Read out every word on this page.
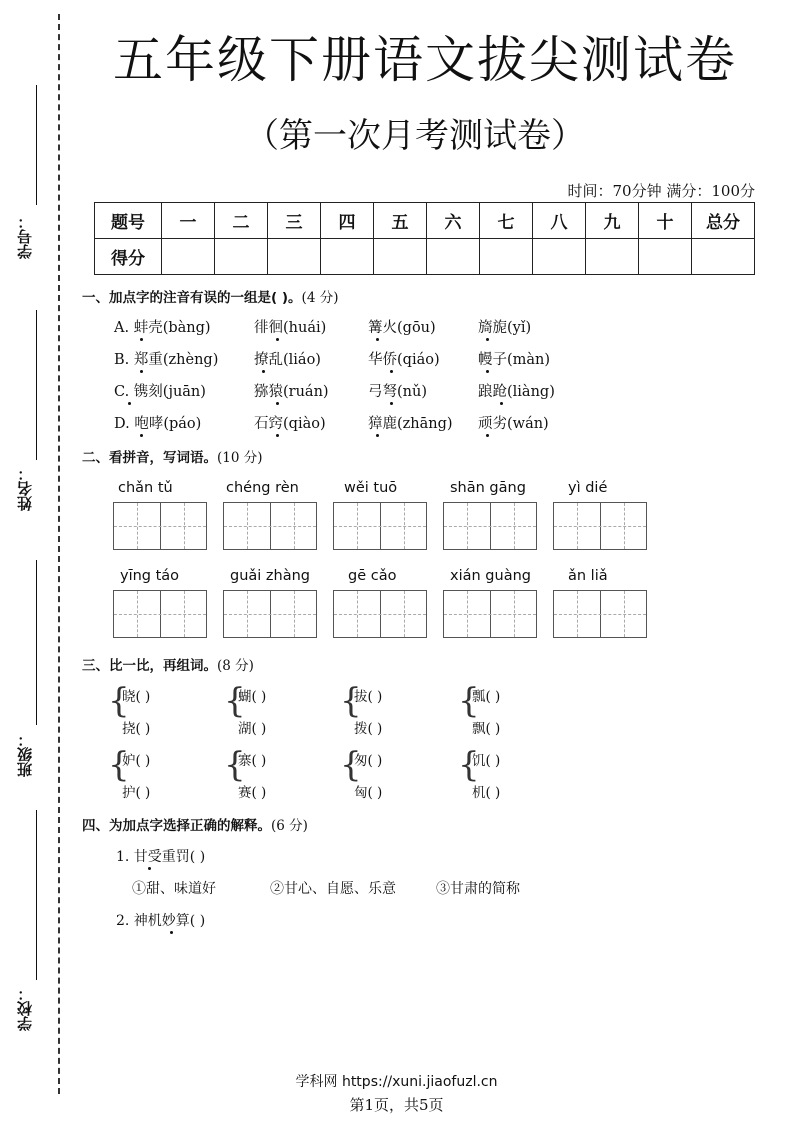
学号：
姓名：
班级：
学校：
五年级下册语文拔尖测试卷
（第一次月考测试卷）
时间：70分钟 满分：100分
题号	一	二	三	四	五	六	七	八	九	十	总分
得分											
一、加点字的注音有误的一组是( )。(4 分)
A. 蚌壳(bàng)	徘徊(huái)	篝火(gōu)	旖旎(yǐ)
B. 郑重(zhèng) 撩乱(liáo)	华侨(qiáo)	幔子(màn)
C. 镌刻(juān)	猕猿(ruán)	弓弩(nǔ)	踉跄(liàng)
D. 咆哮(páo)	石窍(qiào)	獐鹿(zhāng) 顽劣(wán)
二、看拼音，写词语。(10 分)
chǎn tǔ	chéng rèn	wěi tuō	shān gāng	yì dié
yīng táo	guǎi zhàng	gē cǎo	xián guàng	ǎn liǎ
三、比一比，再组词。(8 分)
{
晓( )
挠( )
{
蝴( )
湖( )
{
拔( )
拨( )
{
瓢( )
飘( )
{
妒( )
护( )
{
寨( )
赛( )
{
匆( )
匈( )
{
饥( )
机( )
四、为加点字选择正确的解释。(6 分)
1. 甘受重罚( )
①甜、味道好	②甘心、自愿、乐意	③甘肃的简称
2. 神机妙算( )
学科网 https://xuni.jiaofuzl.cn
第1页，共5页
